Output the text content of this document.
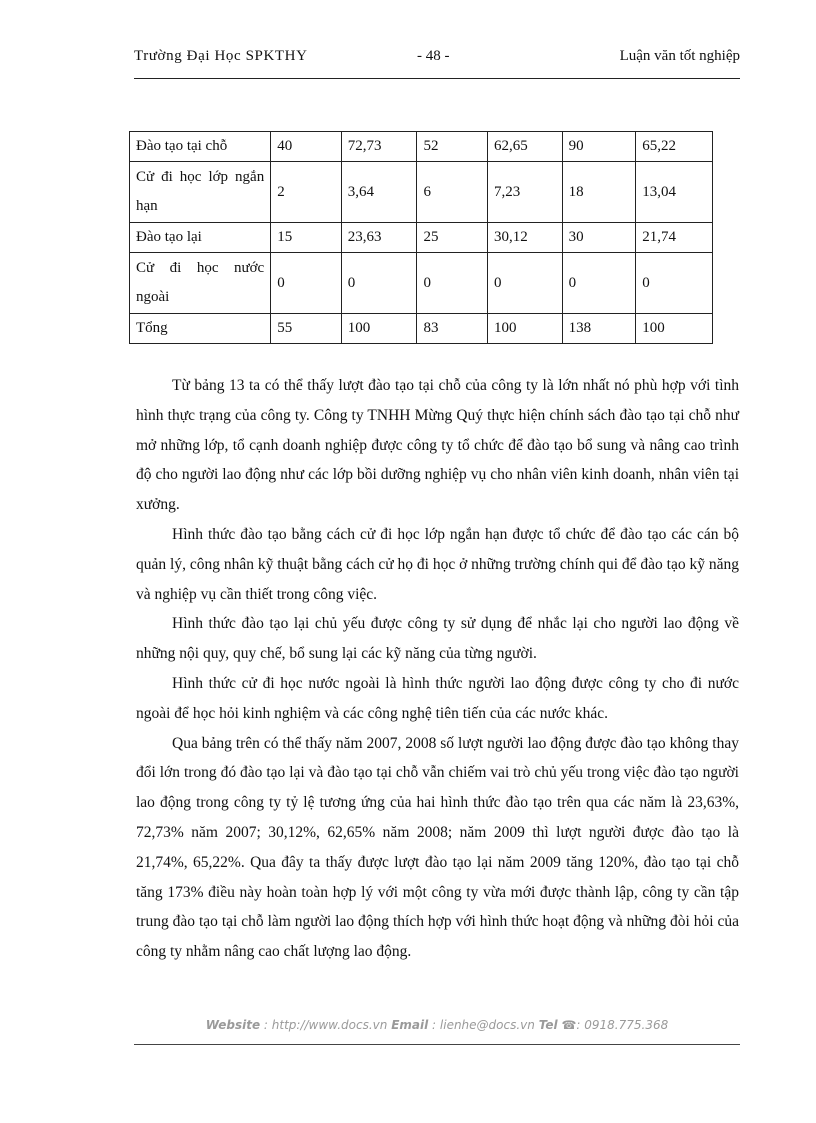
Trường Đại Học SPKTHY	- 48 -	Luận văn tốt nghiệp
Đào tạo tại chỗ	40	72,73	52	62,65	90	65,22
Cử đi học lớp ngắn hạn	2	3,64	6	7,23	18	13,04
Đào tạo lại	15	23,63	25	30,12	30	21,74
Cử đi học nước ngoài	0	0	0	0	0	0
Tổng	55	100	83	100	138	100

Từ bảng 13 ta có thể thấy lượt đào tạo tại chỗ của công ty là lớn nhất nó phù hợp với tình hình thực trạng của công ty. Công ty TNHH Mừng Quý thực hiện chính sách đào tạo tại chỗ như mở những lớp, tổ cạnh doanh nghiệp được công ty tổ chức để đào tạo bổ sung và nâng cao trình độ cho người lao động như các lớp bồi dưỡng nghiệp vụ cho nhân viên kinh doanh, nhân viên tại xưởng.

Hình thức đào tạo bằng cách cử đi học lớp ngắn hạn được tổ chức để đào tạo các cán bộ quản lý, công nhân kỹ thuật bằng cách cử họ đi học ở những trường chính qui để đào tạo kỹ năng và nghiệp vụ cần thiết trong công việc.

Hình thức đào tạo lại chủ yếu được công ty sử dụng để nhắc lại cho người lao động về những nội quy, quy chế, bổ sung lại các kỹ năng của từng người.

Hình thức cử đi học nước ngoài là hình thức người lao động được công ty cho đi nước ngoài để học hỏi kinh nghiệm và các công nghệ tiên tiến của các nước khác.

Qua bảng trên có thể thấy năm 2007, 2008 số lượt người lao động được đào tạo không thay đổi lớn trong đó đào tạo lại và đào tạo tại chỗ vẫn chiếm vai trò chủ yếu trong việc đào tạo người lao động trong công ty tỷ lệ tương ứng của hai hình thức đào tạo trên qua các năm là 23,63%, 72,73% năm 2007; 30,12%, 62,65% năm 2008; năm 2009 thì lượt người được đào tạo là 21,74%, 65,22%. Qua đây ta thấy được lượt đào tạo lại năm 2009 tăng 120%, đào tạo tại chỗ tăng 173% điều này hoàn toàn hợp lý với một công ty vừa mới được thành lập, công ty cần tập trung đào tạo tại chỗ làm người lao động thích hợp với hình thức hoạt động và những đòi hỏi của công ty nhằm nâng cao chất lượng lao động.

Website : http://www.docs.vn Email : lienhe@docs.vn Tel ☎: 0918.775.368
